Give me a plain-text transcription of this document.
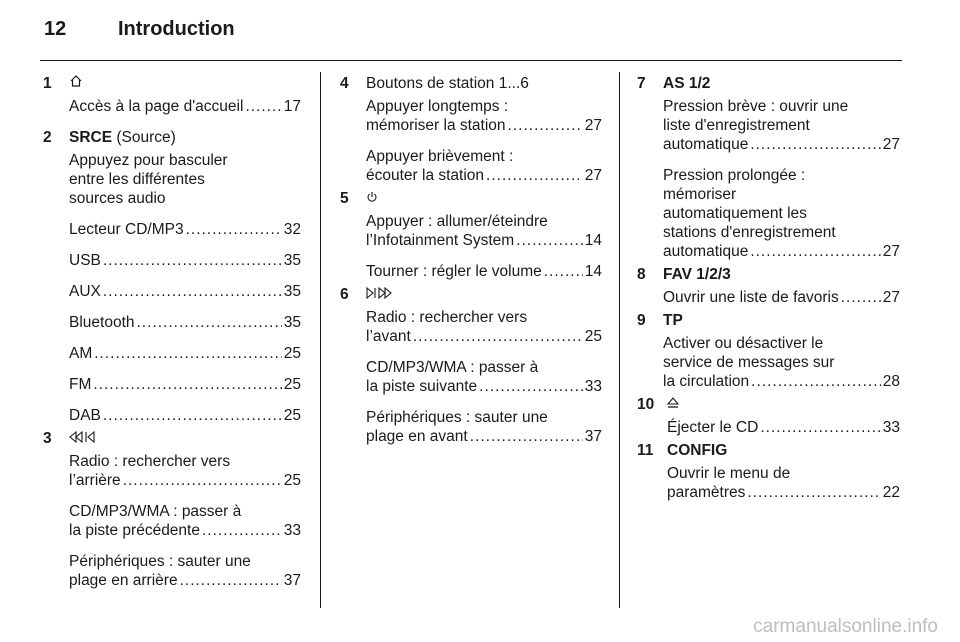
12	Introduction
1
Accès à la page d'accueil .....	17
2 SRCE (Source)
Appuyez pour basculer
entre les différentes
sources audio
Lecteur CD/MP3 .....	32
USB .....	35
AUX .....	35
Bluetooth .....	35
AM .....	25
FM .....	25
DAB .....	25
3
Radio : rechercher vers
l’arrière .....	25
CD/MP3/WMA : passer à
la piste précédente .....	33
Périphériques : sauter une
plage en arrière .....	37
4 Boutons de station 1...6
Appuyer longtemps :
mémoriser la station .....	27
Appuyer brièvement :
écouter la station .....	27
5
Appuyer : allumer/éteindre
l’Infotainment System .....	14
Tourner : régler le volume .....	14
6
Radio : rechercher vers
l’avant .....	25
CD/MP3/WMA : passer à
la piste suivante .....	33
Périphériques : sauter une
plage en avant .....	37
7 AS 1/2
Pression brève : ouvrir une
liste d'enregistrement
automatique .....	27
Pression prolongée :
mémoriser
automatiquement les
stations d'enregistrement
automatique .....	27
8 FAV 1/2/3
Ouvrir une liste de favoris .....	27
9 TP
Activer ou désactiver le
service de messages sur
la circulation .....	28
10
Éjecter le CD .....	33
11 CONFIG
Ouvrir le menu de
paramètres .....	22
carmanualsonline.info
